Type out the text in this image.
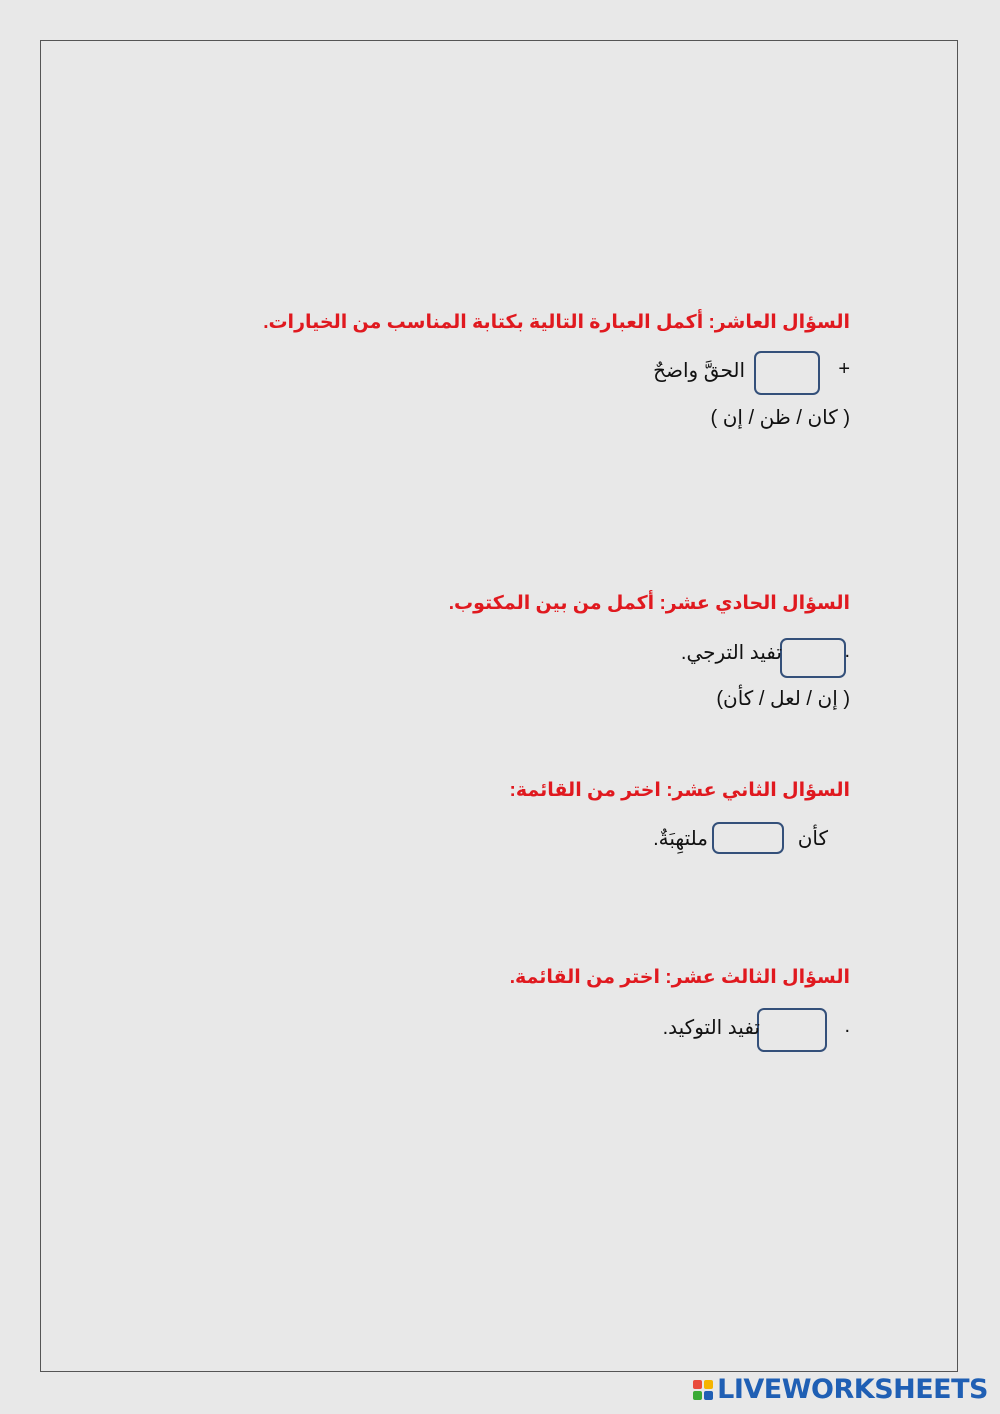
السؤال العاشر: أكمل العبارة التالية بكتابة المناسب من الخيارات.
+
الحقَّ واضحٌ
( كان / ظن / إن )
السؤال الحادي عشر: أكمل من بين المكتوب.
.
تفيد الترجي.
( إن / لعل / كأن)
السؤال الثاني عشر: اختر من القائمة:
كأن
ملتهِبَةٌ.
السؤال الثالث عشر: اختر من القائمة.
.
تفيد التوكيد.
LIVEWORKSHEETS
